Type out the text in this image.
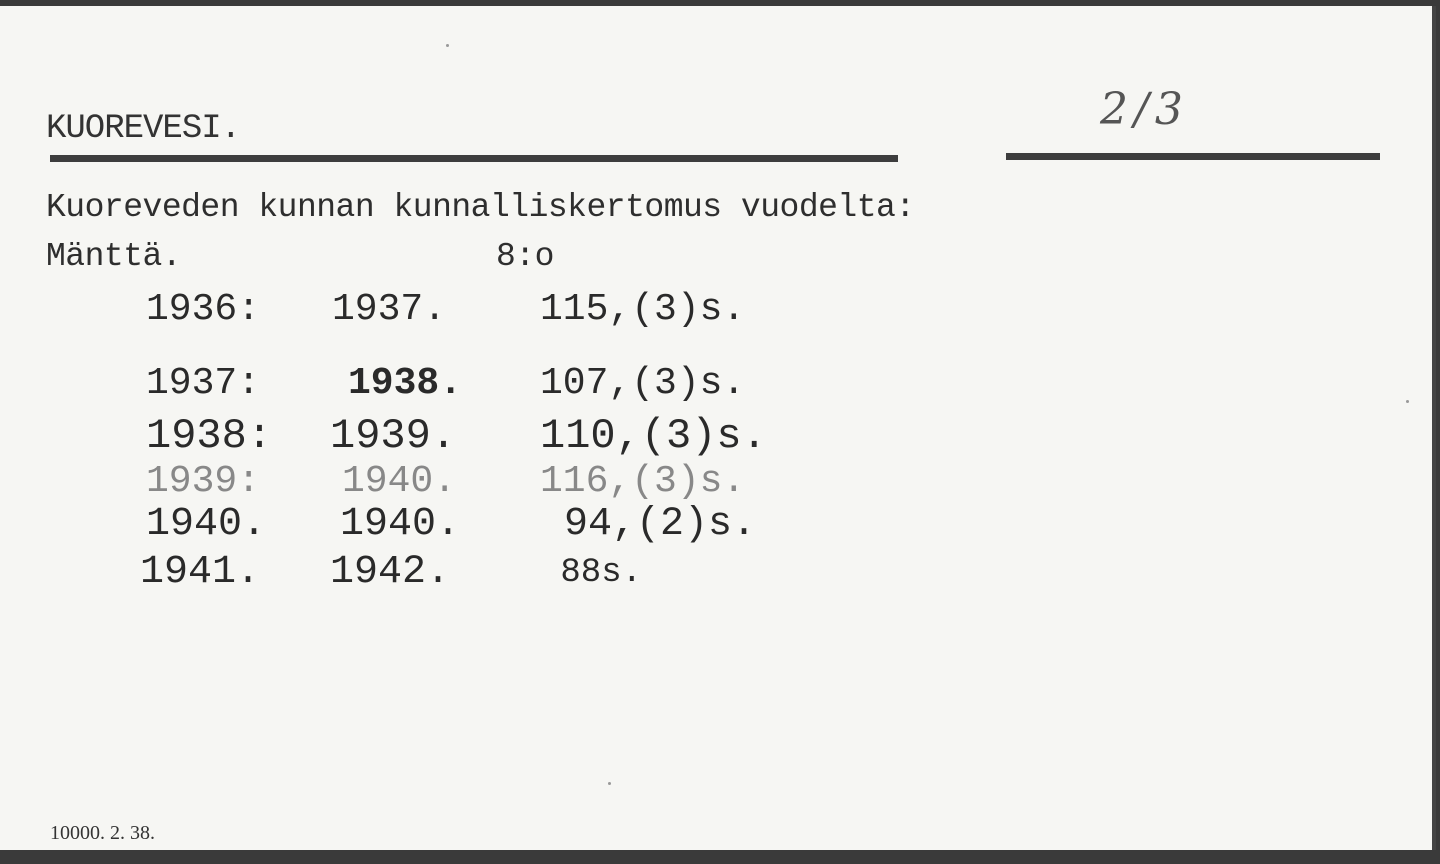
KUOREVESI.	2/3
Kuoreveden kunnan kunnalliskertomus vuodelta:
Mänttä.	8:o
1936: 1937. 115,(3)s.
1937: 1938. 107,(3)s.
1938: 1939. 110,(3)s.
1939: 1940. 116,(3)s.
1940. 1940. 94,(2)s.
1941. 1942.	88s.
10000. 2. 38.
